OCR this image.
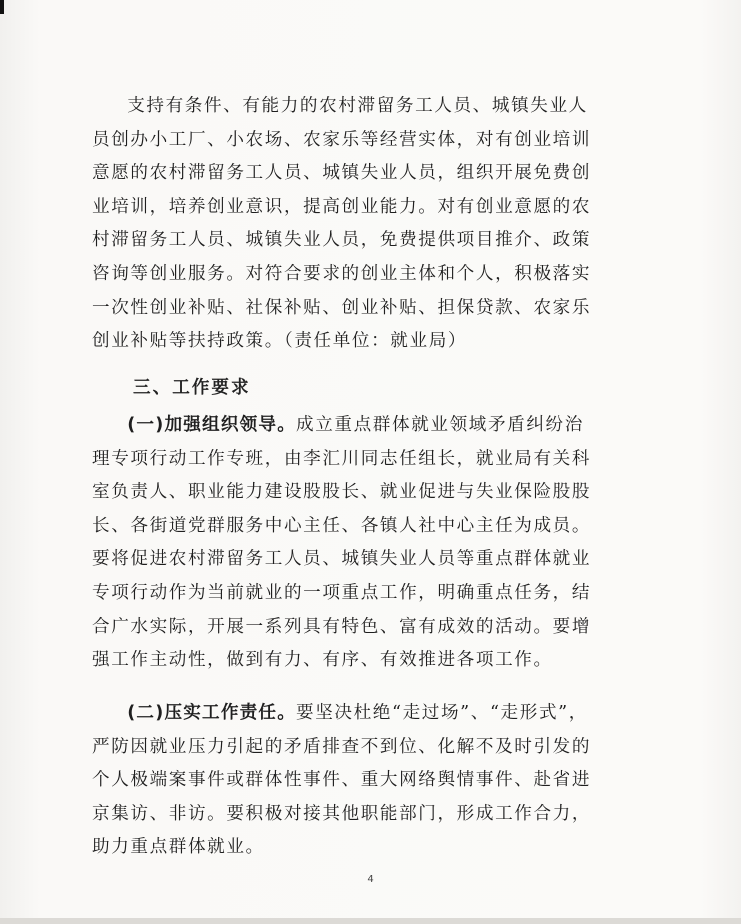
支持有条件、有能力的农村滞留务工人员、城镇失业人员创办小工厂、小农场、农家乐等经营实体，对有创业培训意愿的农村滞留务工人员、城镇失业人员，组织开展免费创业培训，培养创业意识，提高创业能力。对有创业意愿的农村滞留务工人员、城镇失业人员，免费提供项目推介、政策咨询等创业服务。对符合要求的创业主体和个人，积极落实一次性创业补贴、社保补贴、创业补贴、担保贷款、农家乐创业补贴等扶持政策。（责任单位：就业局）

三、工作要求

(一)加强组织领导。成立重点群体就业领域矛盾纠纷治理专项行动工作专班，由李汇川同志任组长，就业局有关科室负责人、职业能力建设股股长、就业促进与失业保险股股长、各街道党群服务中心主任、各镇人社中心主任为成员。要将促进农村滞留务工人员、城镇失业人员等重点群体就业专项行动作为当前就业的一项重点工作，明确重点任务，结合广水实际，开展一系列具有特色、富有成效的活动。要增强工作主动性，做到有力、有序、有效推进各项工作。

(二)压实工作责任。要坚决杜绝“走过场”、“走形式”，严防因就业压力引起的矛盾排查不到位、化解不及时引发的个人极端案事件或群体性事件、重大网络舆情事件、赴省进京集访、非访。要积极对接其他职能部门，形成工作合力，助力重点群体就业。

4
